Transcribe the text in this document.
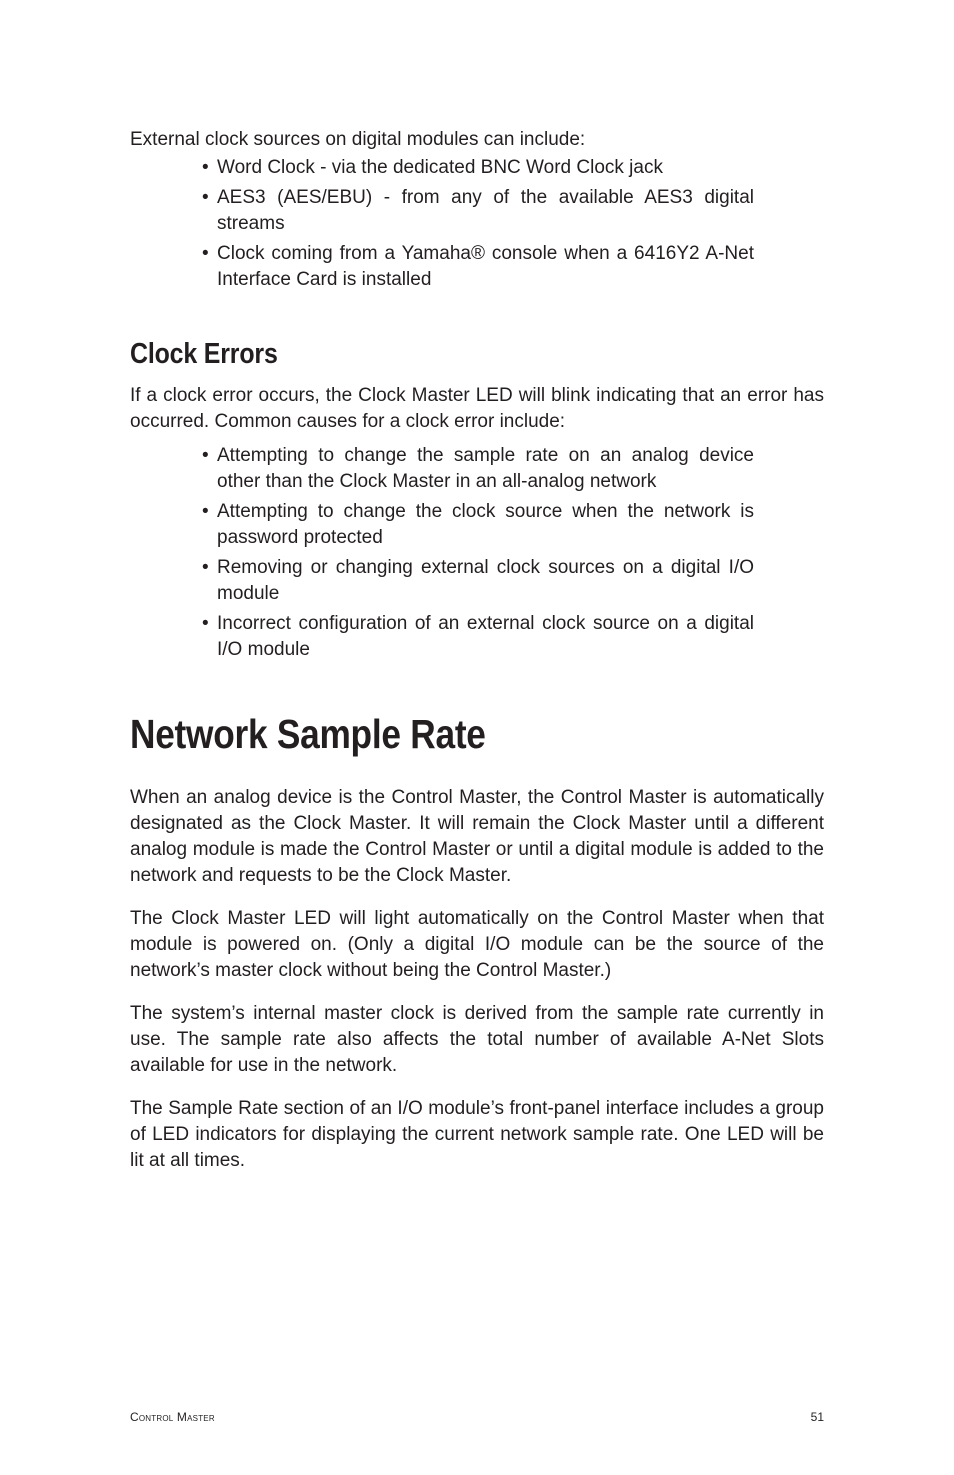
External clock sources on digital modules can include:

• Word Clock - via the dedicated BNC Word Clock jack
• AES3 (AES/EBU) - from any of the available AES3 digital streams
• Clock coming from a Yamaha® console when a 6416Y2 A-Net Interface Card is installed
Clock Errors

If a clock error occurs, the Clock Master LED will blink indicating that an error has occurred. Common causes for a clock error include:

• Attempting to change the sample rate on an analog device other than the Clock Master in an all-analog network
• Attempting to change the clock source when the network is password protected
• Removing or changing external clock sources on a digital I/O module
• Incorrect configuration of an external clock source on a digital I/O module
Network Sample Rate

When an analog device is the Control Master, the Control Master is automatically designated as the Clock Master. It will remain the Clock Master until a different analog module is made the Control Master or until a digital module is added to the network and requests to be the Clock Master.

The Clock Master LED will light automatically on the Control Master when that module is powered on. (Only a digital I/O module can be the source of the network’s master clock without being the Control Master.)

The system’s internal master clock is derived from the sample rate currently in use. The sample rate also affects the total number of available A-Net Slots available for use in the network.

The Sample Rate section of an I/O module’s front-panel interface includes a group of LED indicators for displaying the current network sample rate. One LED will be lit at all times.

Control Master	51
